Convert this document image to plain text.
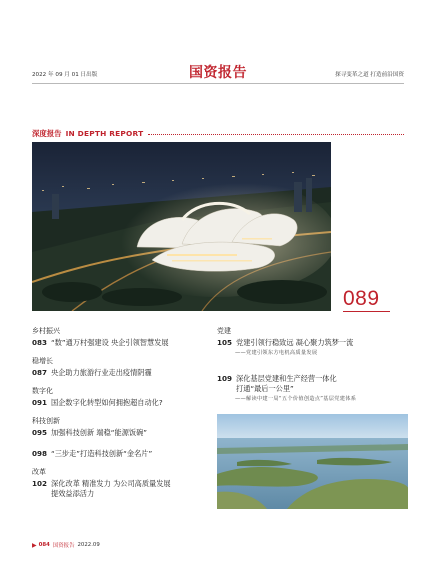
2022 年 09 月 01 日出版	国资报告	探寻变革之道 打造前沿国资
深度报告 IN DEPTH REPORT
089
乡村振兴
083 “数”通万村强建设 央企引领智慧发展
稳增长
087 央企助力旅游行业走出疫情阴霾
数字化
091 国企数字化转型如何拥抱超自动化?
科技创新
095 加强科技创新 端稳“能源饭碗”
098 “三步走”打造科技创新“金名片”
改革
102 深化改革 精准发力 为公司高质量发展
提效益添活力
党建
105 党建引领行稳致远 凝心聚力筑梦一流
——党建引领东方电机高质量发展
109 深化基层党建和生产经营一体化
打通“最后一公里”
——解读中建一局“五个价值创造点”基层党建体系
▶ 084 国资报告 2022.09
